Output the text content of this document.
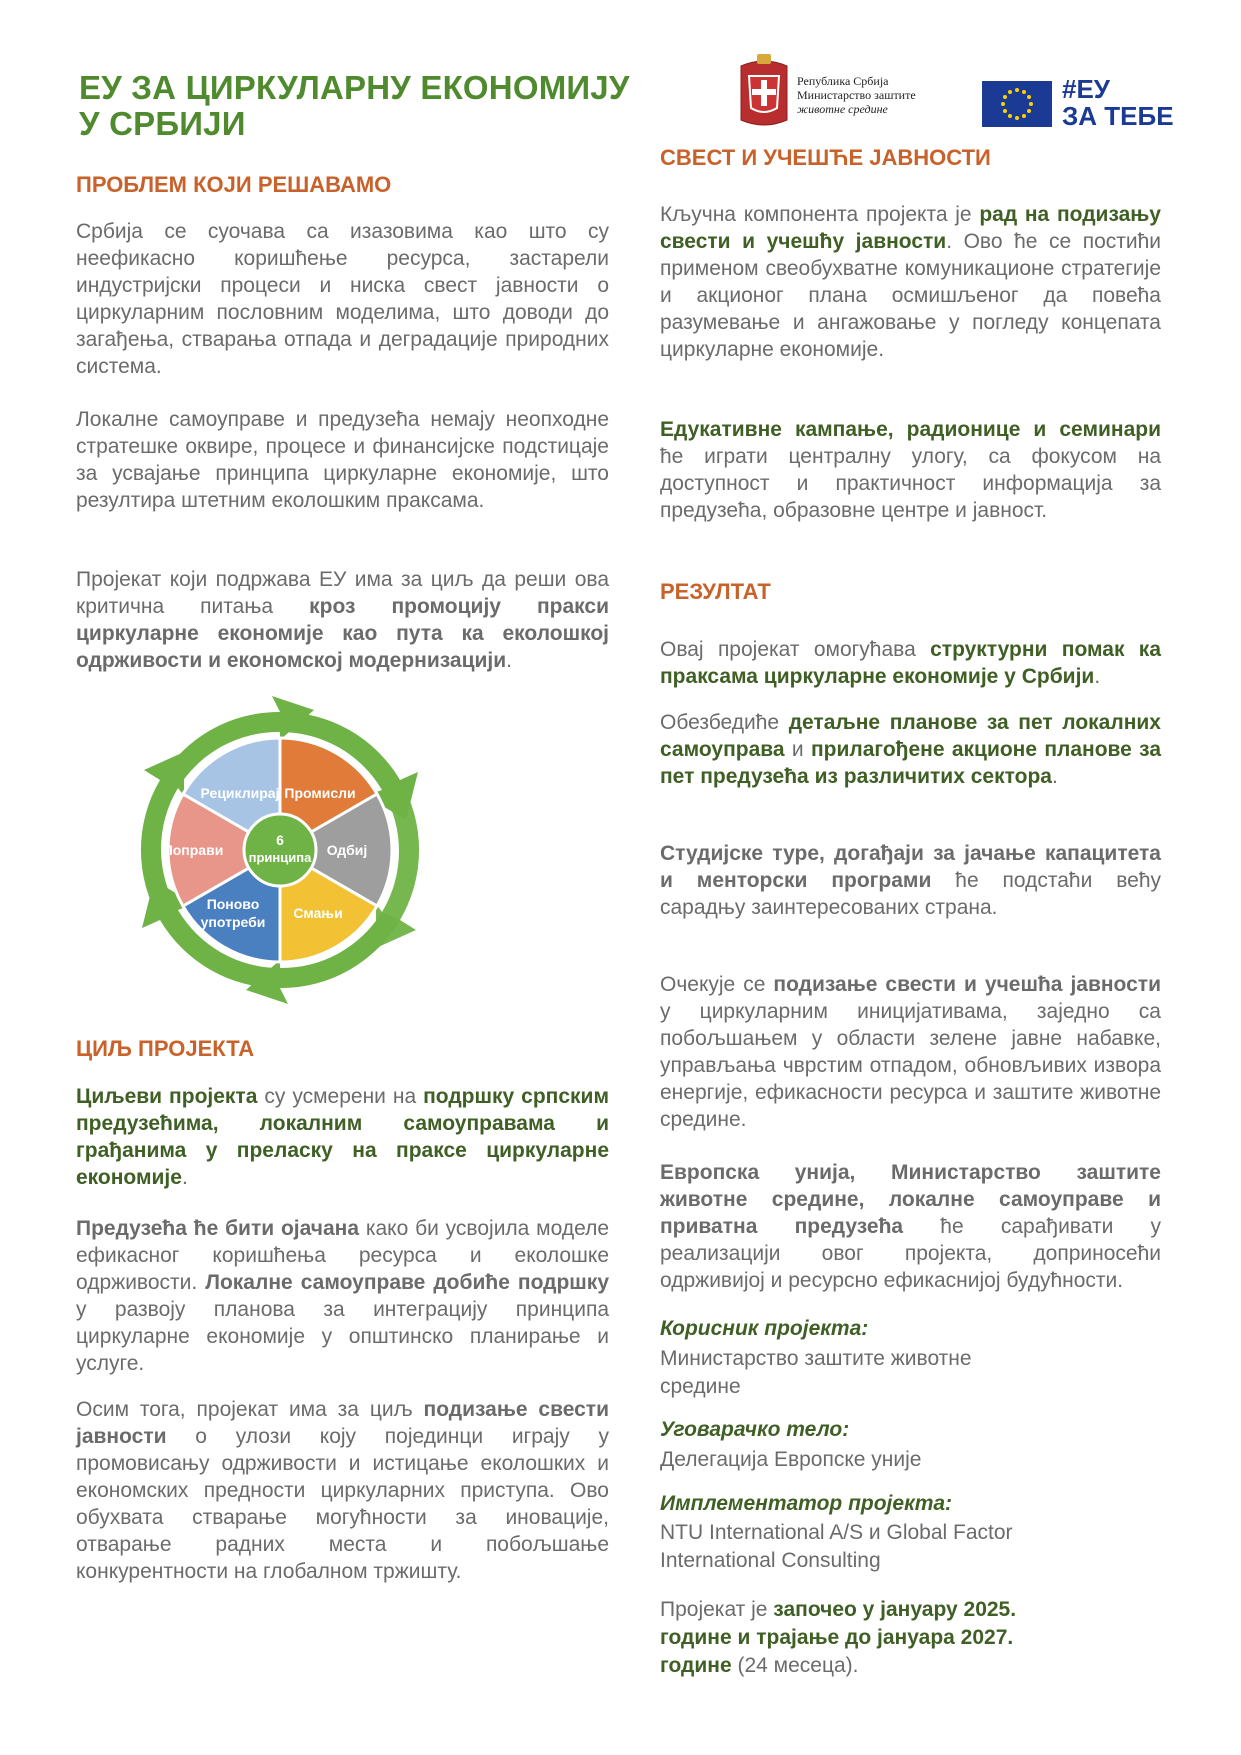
ЕУ ЗА ЦИРКУЛАРНУ ЕКОНОМИЈУ
У СРБИЈИ
Република Србија
Министарство заштите
животне средине
#ЕУ
ЗА ТЕБЕ
ПРОБЛЕМ КОЈИ РЕШАВАМО
Србија се суочава са изазовима као што су неефикасно коришћење ресурса, застарели индустријски процеси и ниска свест јавности о циркуларним пословним моделима, што доводи до загађења, стварања отпада и деградације природних система.
Локалне самоуправе и предузећа немају неопходне стратешке оквире, процесе и финансијске подстицаје за усвајање принципа циркуларне економије, што резултира штетним еколошким праксама.
Пројекат који подржава ЕУ има за циљ да реши ова критична питања кроз промоцију пракси циркуларне економије као пута ка еколошкој одрживости и економској модернизацији.
6
принципа
Промисли
Одбиј
Смањи
Поново
употреби
Поправи
Рециклирај
ЦИЉ ПРОЈЕКТА
Циљеви пројекта су усмерени на подршку српским предузећима, локалним самоуправама и грађанима у преласку на праксе циркуларне економије.
Предузећа ће бити ојачана како би усвојила моделе ефикасног коришћења ресурса и еколошке одрживости. Локалне самоуправе добиће подршку у развоју планова за интеграцију принципа циркуларне економије у општинско планирање и услуге.
Осим тога, пројекат има за циљ подизање свести јавности о улози коју појединци играју у промовисању одрживости и истицање еколошких и економских предности циркуларних приступа. Ово обухвата стварање могућности за иновације, отварање радних места и побољшање конкурентности на глобалном тржишту.
СВЕСТ И УЧЕШЋЕ ЈАВНОСТИ
Кључна компонента пројекта је рад на подизању свести и учешћу јавности. Ово ће се постићи применом свеобухватне комуникационе стратегије и акционог плана осмишљеног да повећа разумевање и ангажовање у погледу концепата циркуларне економије.
Едукативне кампање, радионице и семинари ће играти централну улогу, са фокусом на доступност и практичност информација за предузећа, образовне центре и јавност.
РЕЗУЛТАТ
Овај пројекат омогућава структурни помак ка праксама циркуларне економије у Србији.
Обезбедиће детаљне планове за пет локалних самоуправа и прилагођене акционе планове за пет предузећа из различитих сектора.
Студијске туре, догађаји за јачање капацитета и менторски програми ће подстаћи већу сарадњу заинтересованих страна.
Очекује се подизање свести и учешћа јавности у циркуларним иницијативама, заједно са побољшањем у области зелене јавне набавке, управљања чврстим отпадом, обновљивих извора енергије, ефикасности ресурса и заштите животне средине.
Европска унија, Министарство заштите животне средине, локалне самоуправе и приватна предузећа ће сарађивати у реализацији овог пројекта, доприносећи одрживијој и ресурсно ефикаснијој будућности.
Корисник пројекта:
Министарство заштите животне
средине
Уговарачко тело:
Делегација Европске уније
Имплементатор пројекта:
NTU International A/S и Global Factor
International Consulting
Пројекат је започео у јануару 2025.
године и трајање до јануара 2027.
године (24 месеца).
